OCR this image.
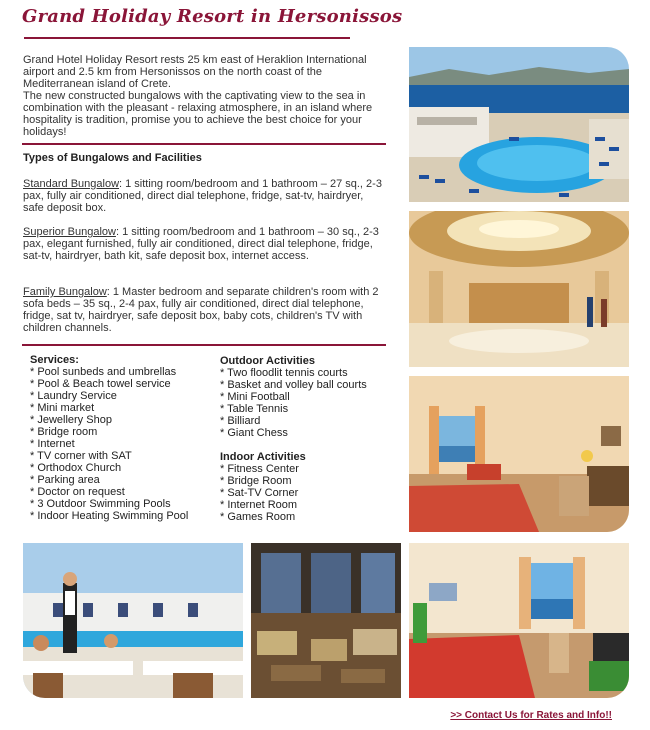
Grand Holiday Resort in Hersonissos
Grand Hotel Holiday Resort rests 25 km east of Heraklion International airport and 2.5 km from Hersonissos on the north coast of the Mediterranean island of Crete.
The new constructed bungalows with the captivating view to the sea in combination with the pleasant - relaxing atmosphere, in an island where hospitality is tradition, promise you to achieve the best choice for your holidays!
Types of Bungalows and Facilities
Standard Bungalow: 1 sitting room/bedroom and 1 bathroom – 27 sq., 2-3 pax, fully air conditioned, direct dial telephone, fridge, sat-tv, hairdryer, safe deposit box.
Superior Bungalow: 1 sitting room/bedroom and 1 bathroom – 30 sq., 2-3 pax, elegant furnished, fully air conditioned, direct dial telephone, fridge, sat-tv, hairdryer, bath kit, safe deposit box, internet access.
Family Bungalow: 1 Master bedroom and separate children's room with 2 sofa beds – 35 sq., 2-4 pax, fully air conditioned, direct dial telephone, fridge, sat tv, hairdryer, safe deposit box, baby cots, children's TV with children channels.
Services:
* Pool sunbeds and umbrellas
* Pool & Beach towel service
* Laundry Service
* Mini market
* Jewellery Shop
* Bridge room
* Internet
* TV corner with SAT
* Orthodox Church
* Parking area
* Doctor on request
* 3 Outdoor Swimming Pools
* Indoor Heating Swimming Pool
Outdoor Activities
* Two floodlit tennis courts
* Basket and volley ball courts
* Mini Football
* Table Tennis
* Billiard
* Giant Chess
Indoor Activities
* Fitness Center
* Bridge Room
* Sat-TV Corner
* Internet Room
* Games Room
>> Contact Us for Rates and Info!!
